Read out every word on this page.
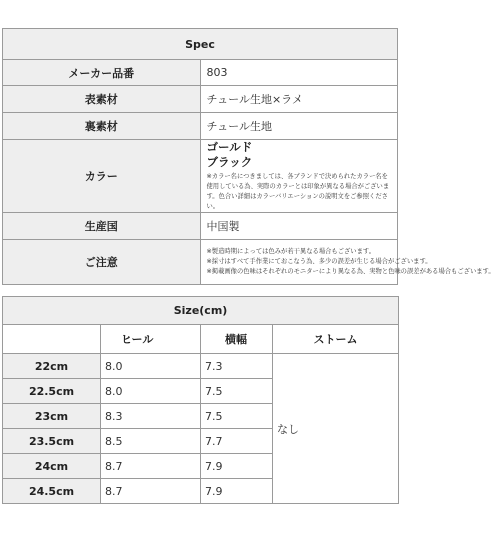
Spec	
メーカー品番	803
表素材	チュール生地×ラメ
裏素材	チュール生地
カラー	ゴールド
ブラック
※カラー名につきましては、各ブランドで決められたカラー名を使用している為、実際のカラーとは印象が異なる場合がございます。色合い詳細はカラーバリエーションの説明文をご参照ください。

生産国	中国製
ご注意	※製造時期によっては色みが若干異なる場合もございます。
※採寸はすべて手作業にておこなう為、多少の誤差が生じる場合がございます。
※掲載画像の色味はそれぞれのモニターにより異なる為、実物と色味の誤差がある場合もございます。
Size(cm)			
	ヒール	横幅	ストーム
22cm	8.0	7.3	なし
22.5cm	8.0	7.5	
23cm	8.3	7.5	
23.5cm	8.5	7.7	
24cm	8.7	7.9	
24.5cm	8.7	7.9	
